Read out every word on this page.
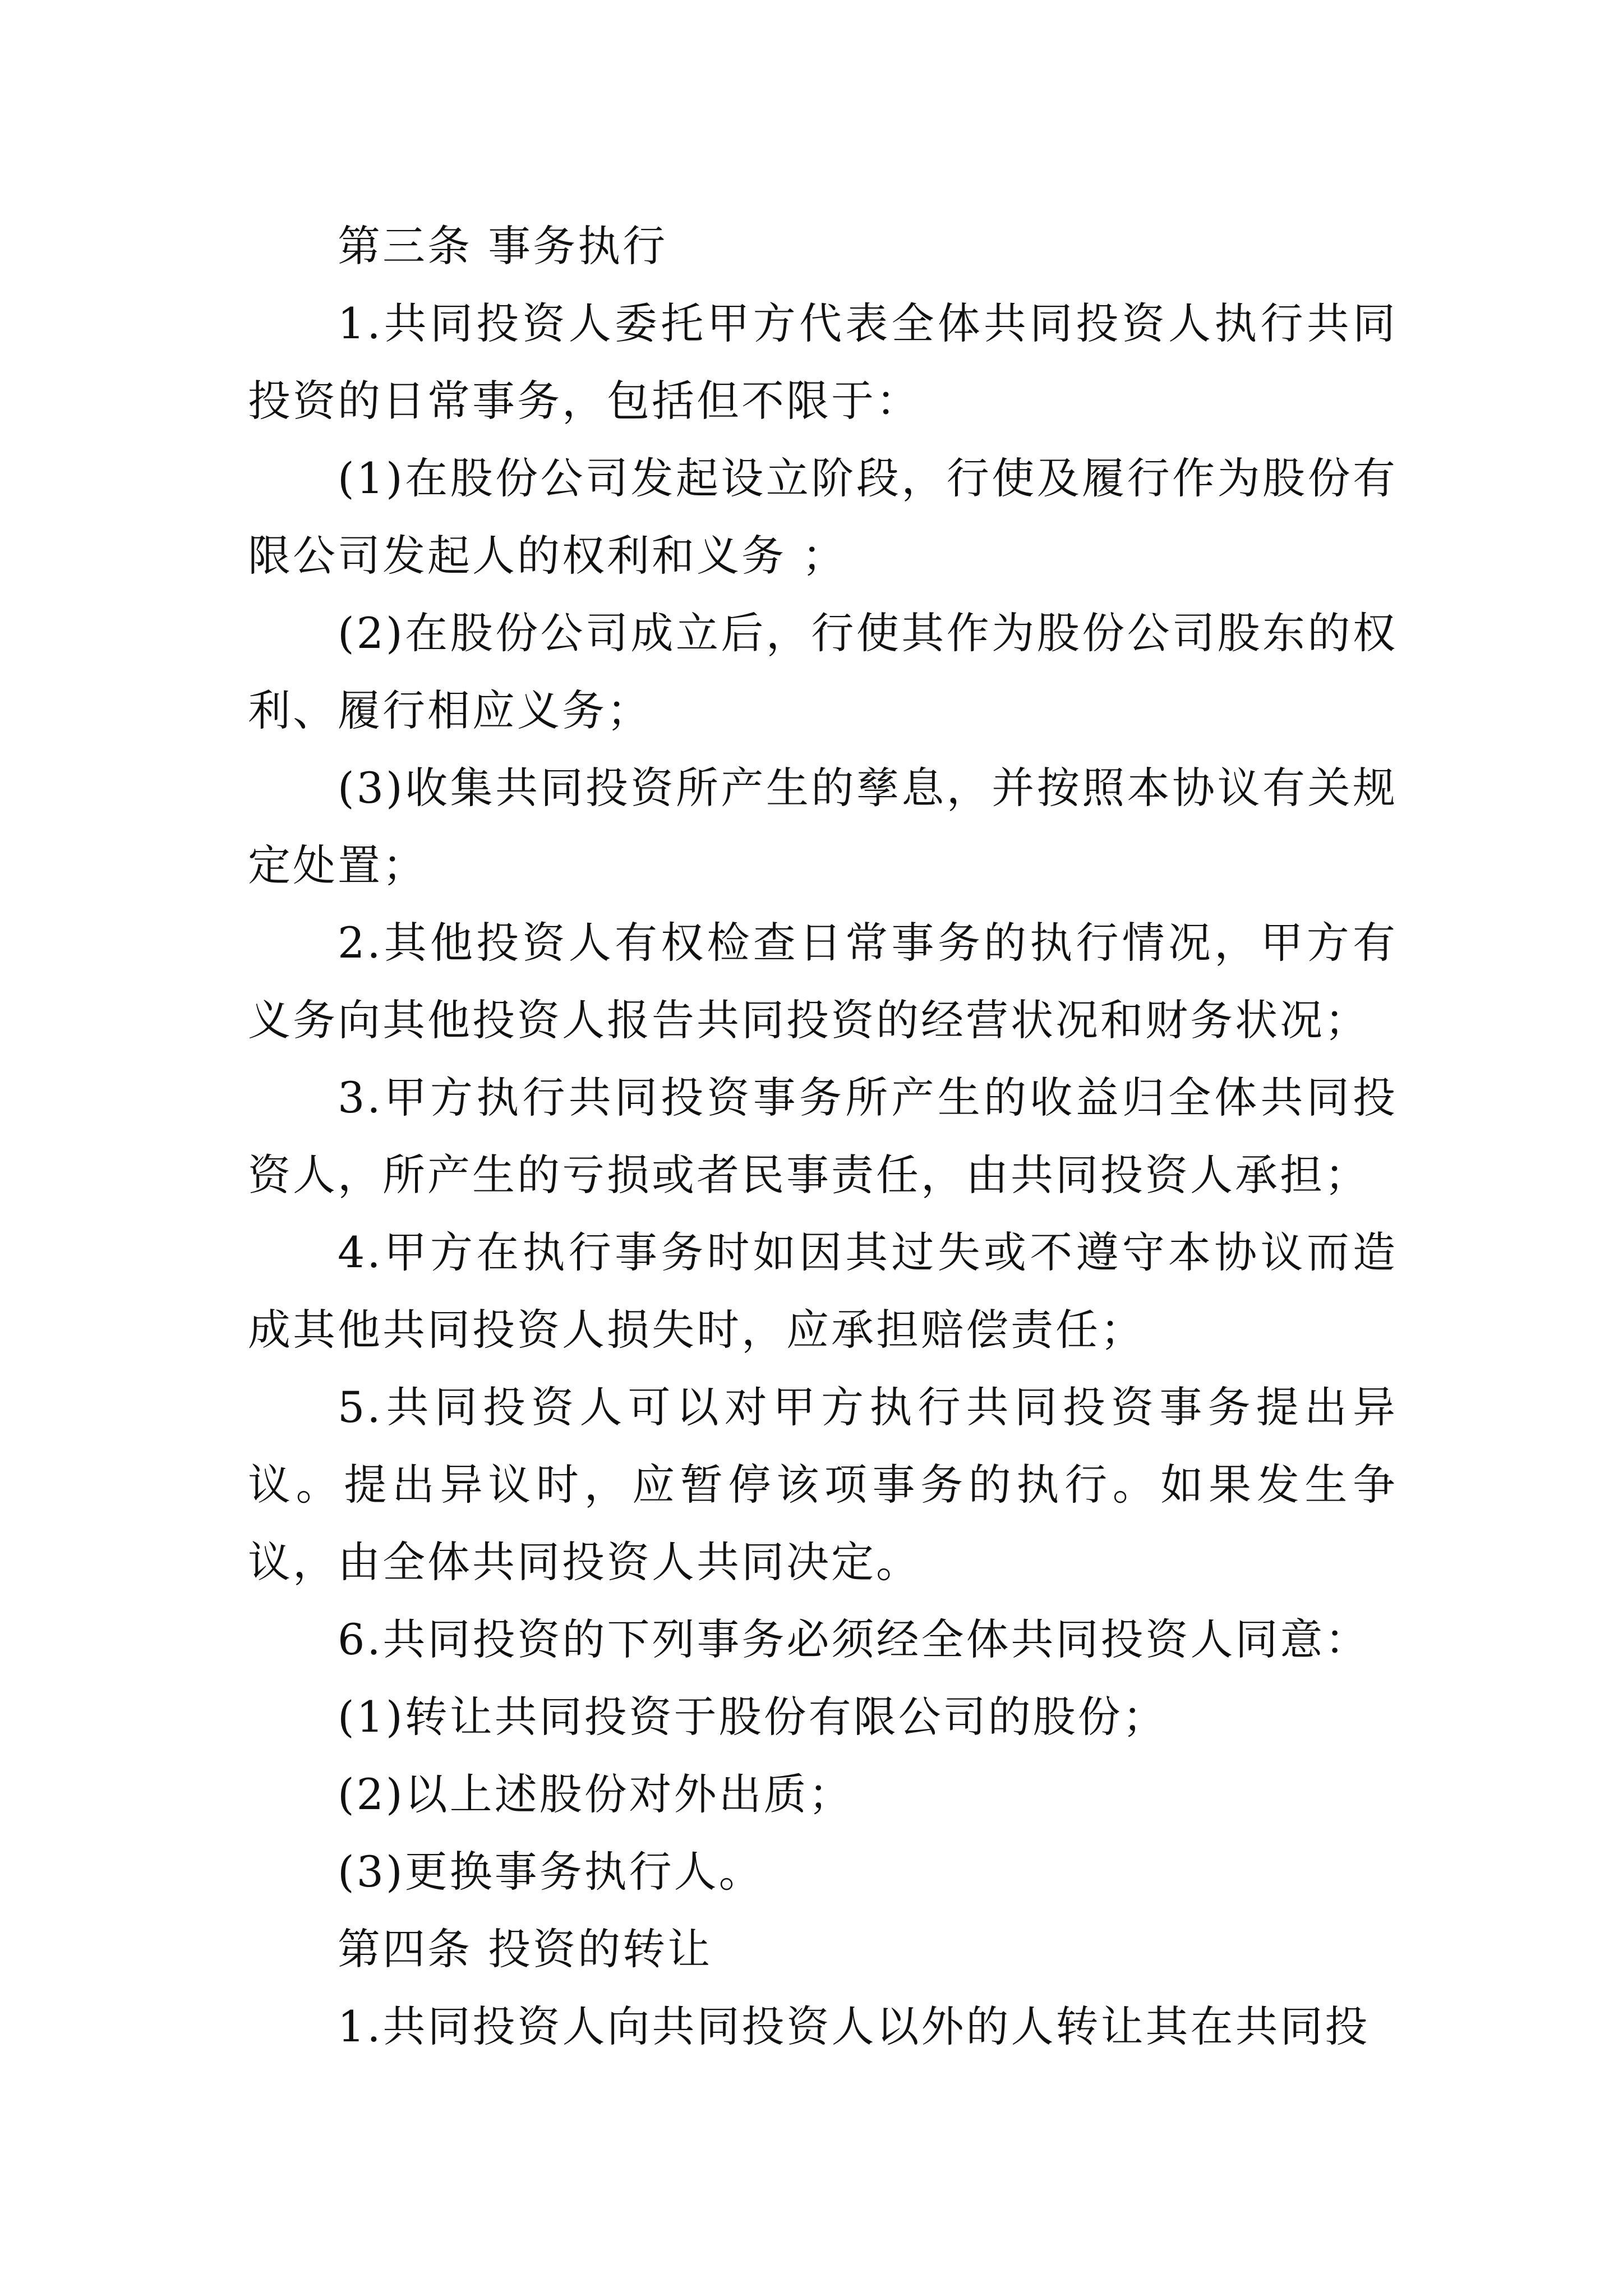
第三条 事务执行

1.共同投资人委托甲方代表全体共同投资人执行共同投资的日常事务，包括但不限于：

(1)在股份公司发起设立阶段，行使及履行作为股份有限公司发起人的权利和义务 ；

(2)在股份公司成立后，行使其作为股份公司股东的权利、履行相应义务；

(3)收集共同投资所产生的孳息，并按照本协议有关规定处置；

2.其他投资人有权检查日常事务的执行情况，甲方有义务向其他投资人报告共同投资的经营状况和财务状况；

3.甲方执行共同投资事务所产生的收益归全体共同投资人，所产生的亏损或者民事责任，由共同投资人承担；

4.甲方在执行事务时如因其过失或不遵守本协议而造成其他共同投资人损失时，应承担赔偿责任；

5.共同投资人可以对甲方执行共同投资事务提出异议。提出异议时，应暂停该项事务的执行。如果发生争议，由全体共同投资人共同决定。

6.共同投资的下列事务必须经全体共同投资人同意：

(1)转让共同投资于股份有限公司的股份；

(2)以上述股份对外出质；

(3)更换事务执行人。

第四条 投资的转让

1.共同投资人向共同投资人以外的人转让其在共同投
